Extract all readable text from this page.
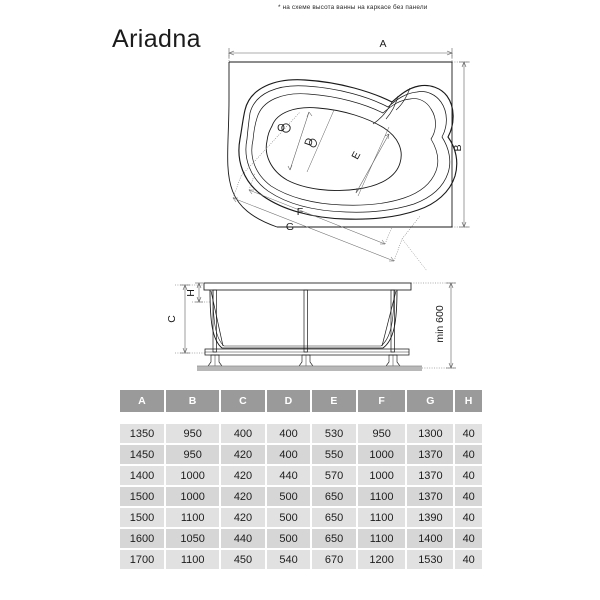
* на схеме высота ванны на каркасе без панели
Ariadna	A
B
D
E
F
G
O
C
H
min 600
A	B	C	D	E	F	G	H

1350	950	400	400	530	950	1300	40
1450	950	420	400	550	1000	1370	40
1400	1000	420	440	570	1000	1370	40
1500	1000	420	500	650	1100	1370	40
1500	1100	420	500	650	1100	1390	40
1600	1050	440	500	650	1100	1400	40
1700	1100	450	540	670	1200	1530	40
